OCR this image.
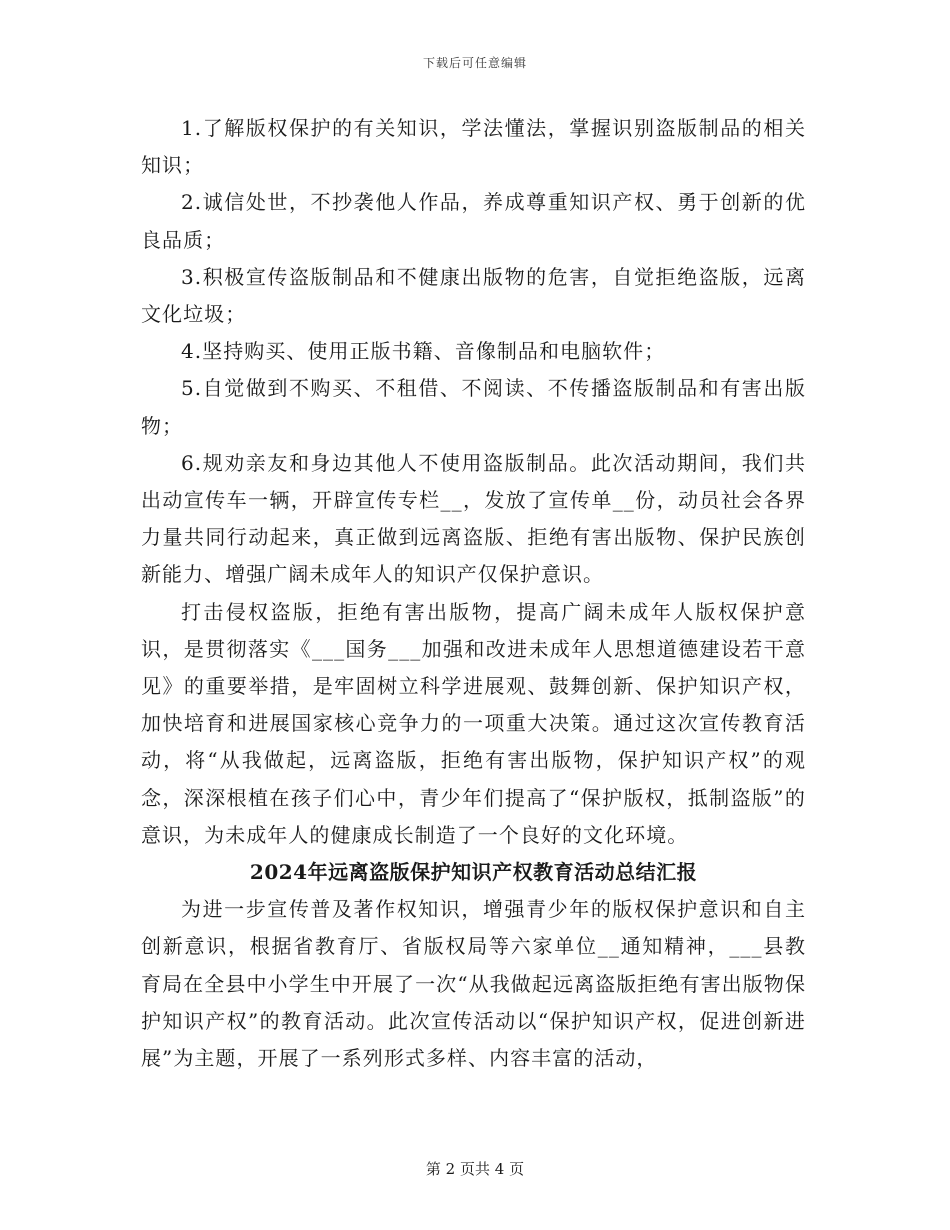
下载后可任意编辑

1.了解版权保护的有关知识，学法懂法，掌握识别盗版制品的相关知识；

2.诚信处世，不抄袭他人作品，养成尊重知识产权、勇于创新的优良品质；

3.积极宣传盗版制品和不健康出版物的危害，自觉拒绝盗版，远离文化垃圾；

4.坚持购买、使用正版书籍、音像制品和电脑软件；

5.自觉做到不购买、不租借、不阅读、不传播盗版制品和有害出版物；

6.规劝亲友和身边其他人不使用盗版制品。此次活动期间，我们共出动宣传车一辆，开辟宣传专栏__，发放了宣传单__份，动员社会各界力量共同行动起来，真正做到远离盗版、拒绝有害出版物、保护民族创新能力、增强广阔未成年人的知识产仅保护意识。

打击侵权盗版，拒绝有害出版物，提高广阔未成年人版权保护意识，是贯彻落实《___国务___加强和改进未成年人思想道德建设若干意见》的重要举措，是牢固树立科学进展观、鼓舞创新、保护知识产权，加快培育和进展国家核心竞争力的一项重大决策。通过这次宣传教育活动，将“从我做起，远离盗版，拒绝有害出版物，保护知识产权”的观念，深深根植在孩子们心中，青少年们提高了“保护版权，抵制盗版”的意识，为未成年人的健康成长制造了一个良好的文化环境。

2024年远离盗版保护知识产权教育活动总结汇报

为进一步宣传普及著作权知识，增强青少年的版权保护意识和自主创新意识，根据省教育厅、省版权局等六家单位__通知精神，___县教育局在全县中小学生中开展了一次“从我做起远离盗版拒绝有害出版物保护知识产权”的教育活动。此次宣传活动以“保护知识产权，促进创新进展”为主题，开展了一系列形式多样、内容丰富的活动，

第 2 页共 4 页
